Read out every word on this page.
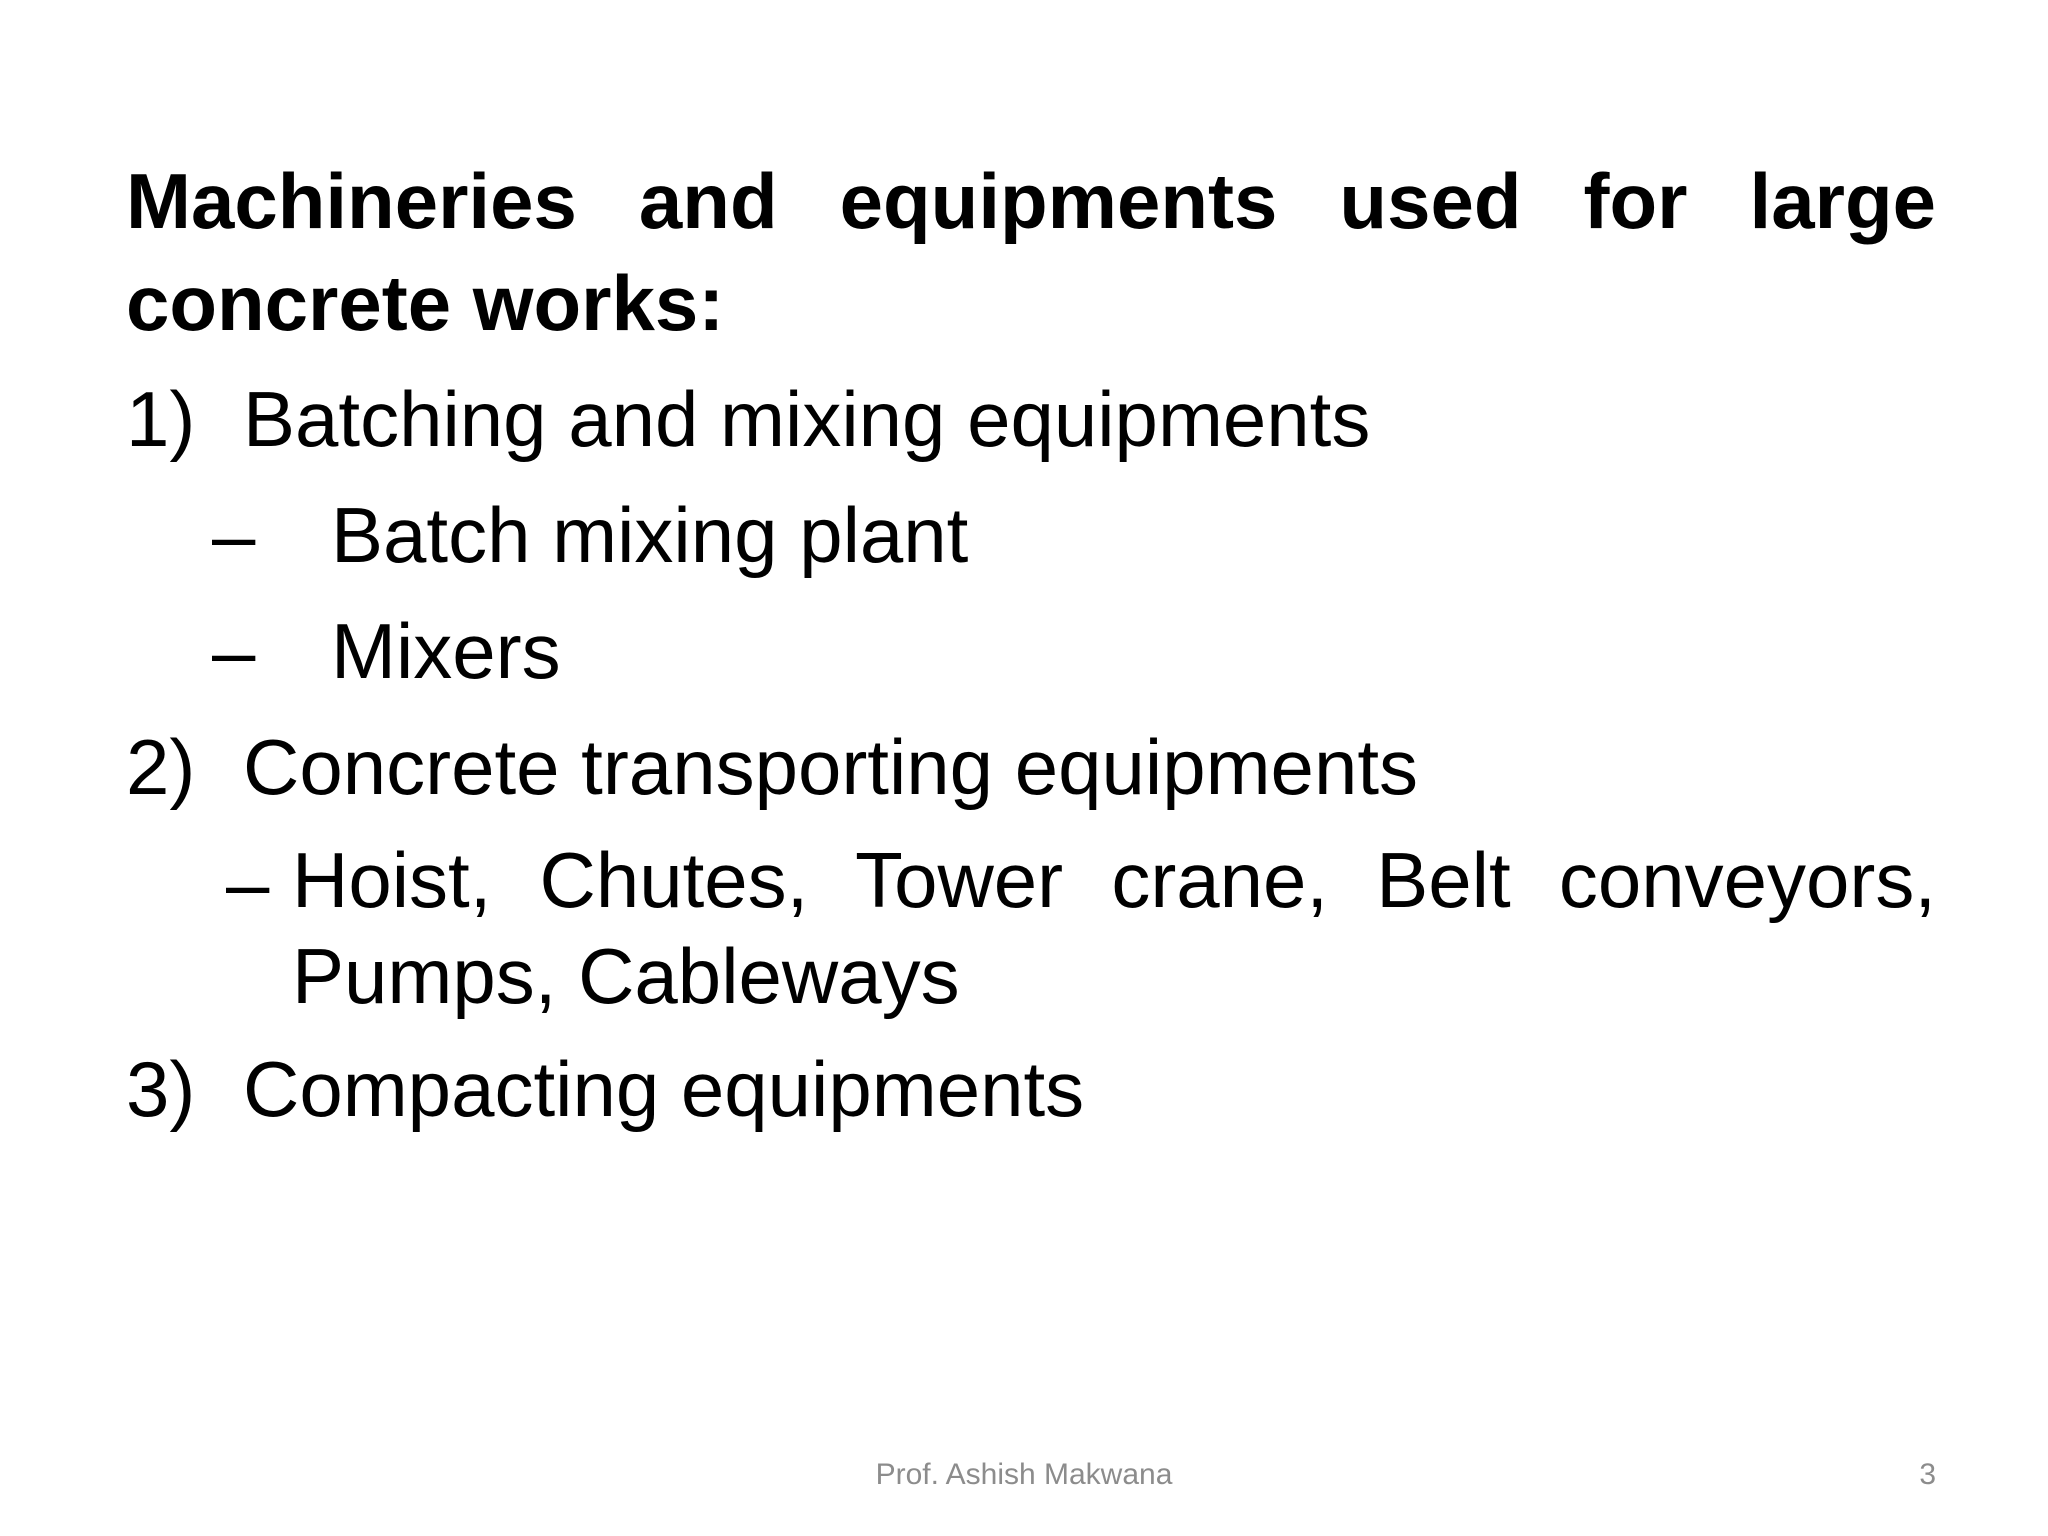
Machineries and equipments used for large concrete works:

1) Batching and mixing equipments
– Batch mixing plant
– Mixers
2) Concrete transporting equipments
– Hoist, Chutes, Tower crane, Belt conveyors, Pumps, Cableways
3) Compacting equipments
Prof. Ashish Makwana	3
